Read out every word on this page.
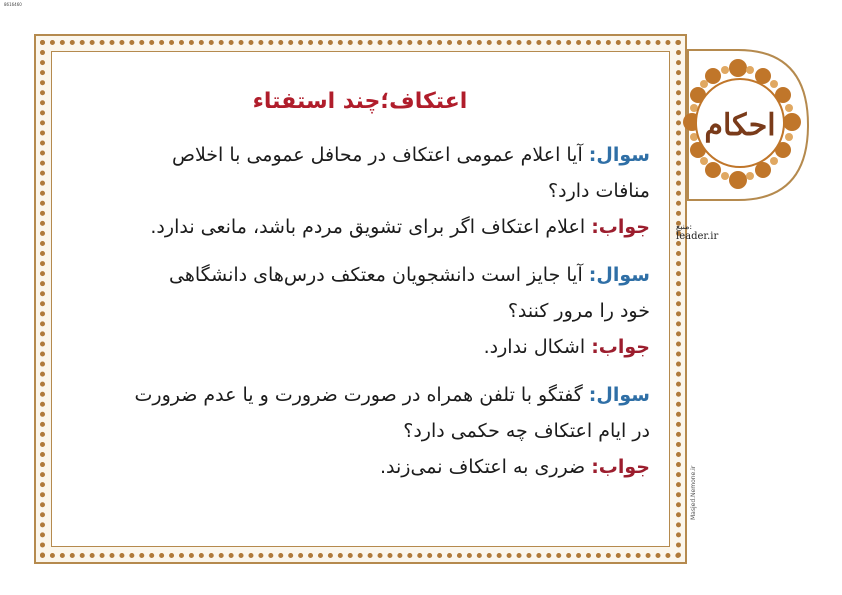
8616460
احکام
منبع:
leader.ir
Masjed.Nemone.ir
اعتکاف؛چند استفتاء

سوال: آیا اعلام عمومی اعتکاف در محافل عمومی با اخلاص

منافات دارد؟

جواب: اعلام اعتکاف اگر برای تشویق مردم باشد، مانعی ندارد.

سوال: آیا جایز است دانشجویان معتکف درس‌های دانشگاهی

خود را مرور کنند؟

جواب: اشکال ندارد.

سوال: گفتگو با تلفن همراه در صورت ضرورت و یا عدم ضرورت

در ایام اعتکاف چه حکمی دارد؟

جواب: ضرری به اعتکاف نمی‌زند.
